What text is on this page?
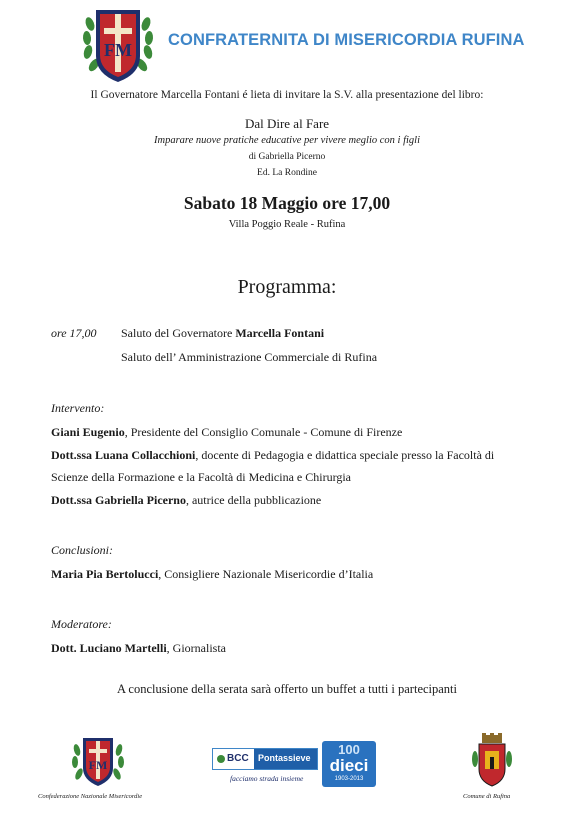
FM CONFRATERNITA DI MISERICORDIA RUFINA
Il Governatore Marcella Fontani é lieta di invitare la S.V. alla presentazione del libro:
Dal Dire al Fare
Imparare nuove pratiche educative per vivere meglio con i figli
di Gabriella Picerno
Ed. La Rondine
Sabato 18 Maggio ore 17,00
Villa Poggio Reale - Rufina
Programma:
ore 17,00 Saluto del Governatore Marcella Fontani
Saluto dell’ Amministrazione Commerciale di Rufina
Intervento:
Giani Eugenio, Presidente del Consiglio Comunale - Comune di Firenze
Dott.ssa Luana Collacchioni, docente di Pedagogia e didattica speciale presso la Facoltà di
Scienze della Formazione e la Facoltà di Medicina e Chirurgia
Dott.ssa Gabriella Picerno, autrice della pubblicazione
Conclusioni:
Maria Pia Bertolucci, Consigliere Nazionale Misericordie d’Italia
Moderatore:
Dott. Luciano Martelli, Giornalista
A conclusione della serata sarà offerto un buffet a tutti i partecipanti
FM
Confederazione Nazionale Misericordie
BCC Pontassieve
facciamo strada insieme
100
dieci
1903-2013
Comune di Rufina
